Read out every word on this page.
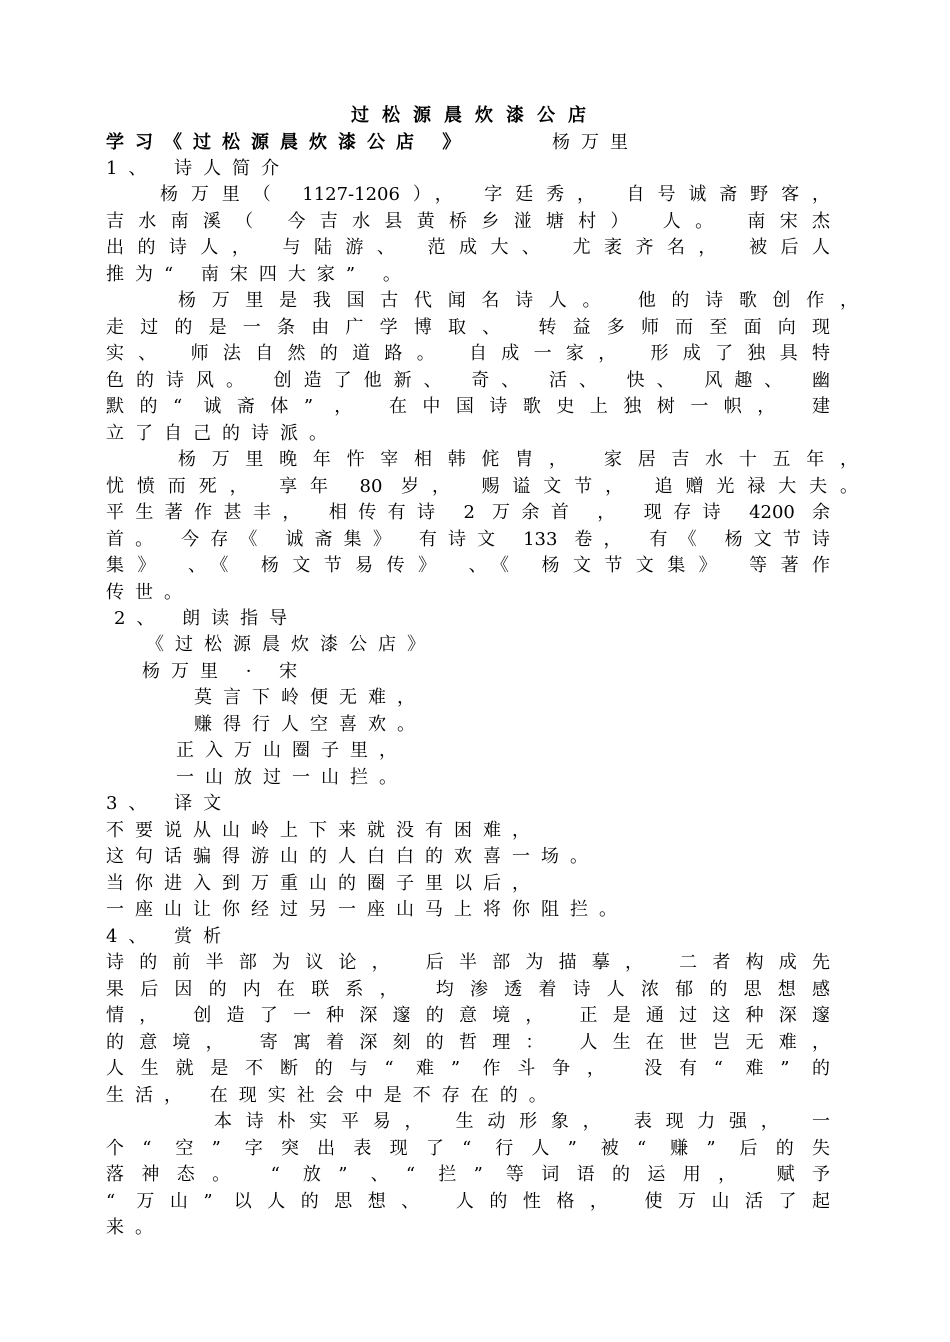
过松源晨炊漆公店
学习《过松源晨炊漆公店 》	杨万里
1、 诗人简介
杨万里（ 1127-1206）， 字廷秀， 自号诚斋野客，
吉水南溪（ 今吉水县黄桥乡湴塘村） 人。 南宋杰
出的诗人， 与陆游、 范成大、 尤袤齐名， 被后人
推为“ 南宋四大家” 。
杨万里是我国古代闻名诗人。 他的诗歌创作，
走过的是一条由广学博取、 转益多师而至面向现
实、 师法自然的道路。 自成一家， 形成了独具特
色的诗风。 创造了他新、 奇、 活、 快、 风趣、 幽
默的“ 诚斋体” ， 在中国诗歌史上独树一帜， 建
立了自己的诗派。
杨万里晚年忤宰相韩侂胄， 家居吉水十五年，
忧愤而死， 享年 80 岁， 赐谥文节， 追赠光禄大夫。
平生著作甚丰， 相传有诗 2 万余首 ， 现存诗 4200 余
首。 今存《 诚斋集》 有诗文 133 卷， 有《 杨文节诗
集》 、《 杨文节易传》 、《 杨文节文集》 等著作
传世。
2、 朗读指导
《过松源晨炊漆公店》
杨万里 · 宋
莫言下岭便无难，
赚得行人空喜欢。
正入万山圈子里，
一山放过一山拦。
3、 译文
不要说从山岭上下来就没有困难，
这句话骗得游山的人白白的欢喜一场。
当你进入到万重山的圈子里以后，
一座山让你经过另一座山马上将你阻拦。
4、 赏析
诗的前半部为议论， 后半部为描摹， 二者构成先
果后因的内在联系， 均渗透着诗人浓郁的思想感
情， 创造了一种深邃的意境， 正是通过这种深邃
的意境， 寄寓着深刻的哲理： 人生在世岂无难，
人生就是不断的与“ 难” 作斗争， 没有“ 难” 的
生活， 在现实社会中是不存在的。
本诗朴实平易， 生动形象， 表现力强， 一
个“ 空” 字突出表现了“ 行人” 被“ 赚” 后的失
落神态。 “ 放” 、“ 拦” 等词语的运用， 赋予
“ 万山” 以人的思想、 人的性格， 使万山活了起
来。
